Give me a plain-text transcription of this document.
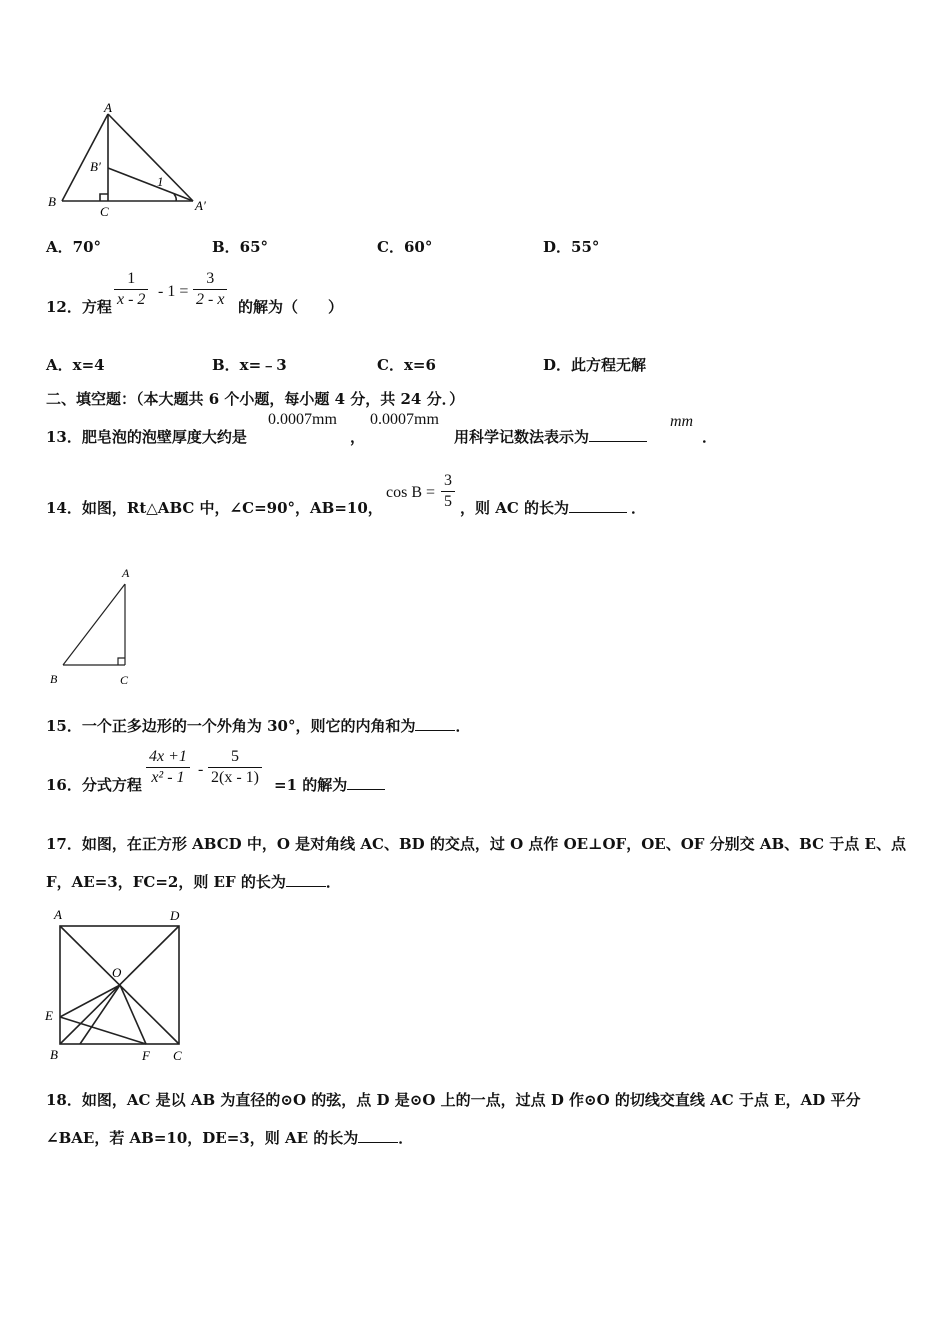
A
B′
B
C	A′
1
A．70°	B．65°	C．60°	D．55°
12．方程
1
x - 2 - 1 =
3
2 - x 的解为（　　）
A．x=4	B．x=﹣3	C．x=6	D．此方程无解
二、填空题：（本大题共 6 个小题，每小题 4 分，共 24 分．）
13．肥皂泡的泡壁厚度大约是
0.0007mm
，
0.0007mm
用科学记数法表示为
mm
．
14．如图，Rt△ABC 中，∠C=90°，AB=10，
cos B =
3
5 ，则 AC 的长为	．
A
B	C
15．一个正多边形的一个外角为 30°，则它的内角和为	．
16．分式方程
4x +1
x² - 1 -
5
2(x - 1) =1 的解为
17．如图，在正方形 ABCD 中，O 是对角线 AC、BD 的交点，过 O 点作 OE⊥OF，OE、OF 分别交 AB、BC 于点 E、点
F，AE=3，FC=2，则 EF 的长为	．
A	D
O
E
B	F C
18．如图，AC 是以 AB 为直径的⊙O 的弦，点 D 是⊙O 上的一点，过点 D 作⊙O 的切线交直线 AC 于点 E，AD 平分
∠BAE，若 AB=10，DE=3，则 AE 的长为	．
